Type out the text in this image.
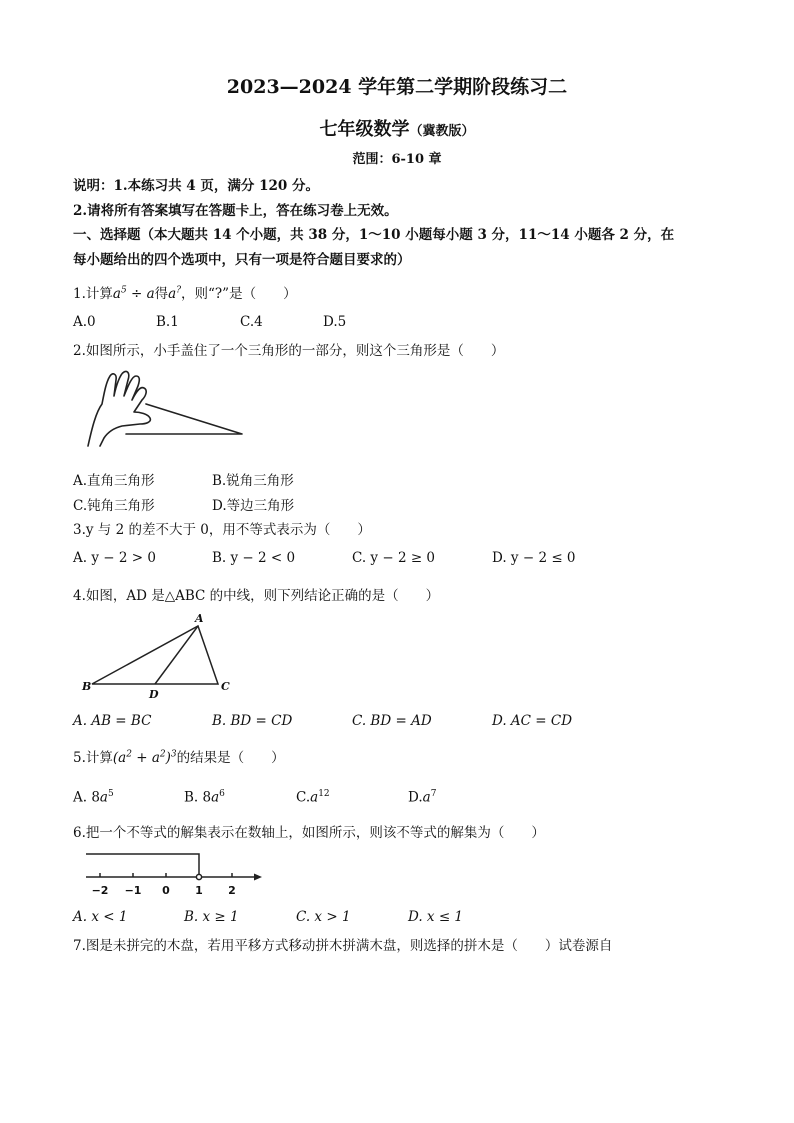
2023—2024 学年第二学期阶段练习二
七年级数学（冀教版）
范围：6-10 章
说明：1.本练习共 4 页，满分 120 分。
2.请将所有答案填写在答题卡上，答在练习卷上无效。
一、选择题（本大题共 14 个小题，共 38 分，1～10 小题每小题 3 分，11～14 小题各 2 分，在
每小题给出的四个选项中，只有一项是符合题目要求的）
1.计算$a^5 \div a$得a?，则“?”是（　　）
A.0	B.1	C.4	D.5
2.如图所示，小手盖住了一个三角形的一部分，则这个三角形是（　　）
A.直角三角形	B.锐角三角形
C.钝角三角形	D.等边三角形
3.y 与 2 的差不大于 0，用不等式表示为（　　）
A. y − 2 > 0	B. y − 2 < 0	C. y − 2 ≥ 0	D. y − 2 ≤ 0
4.如图，AD 是△ABC 的中线，则下列结论正确的是（　　）
A
B	C
D
A. AB = BC	B. BD = CD	C. BD = AD	D. AC = CD
5.计算$(a^2 + a^2)^3$的结果是（　　）
A. $8a^5$	B. $8a^6$	$C.a^{12}$	$D.a^7$
6.把一个不等式的解集表示在数轴上，如图所示，则该不等式的解集为（　　）
−2 −1 0 1 2
A. x < 1	B. x ≥ 1	C. x > 1	D. x ≤ 1
7.图是未拼完的木盘，若用平移方式移动拼木拼满木盘，则选择的拼木是（　　）试卷源自
